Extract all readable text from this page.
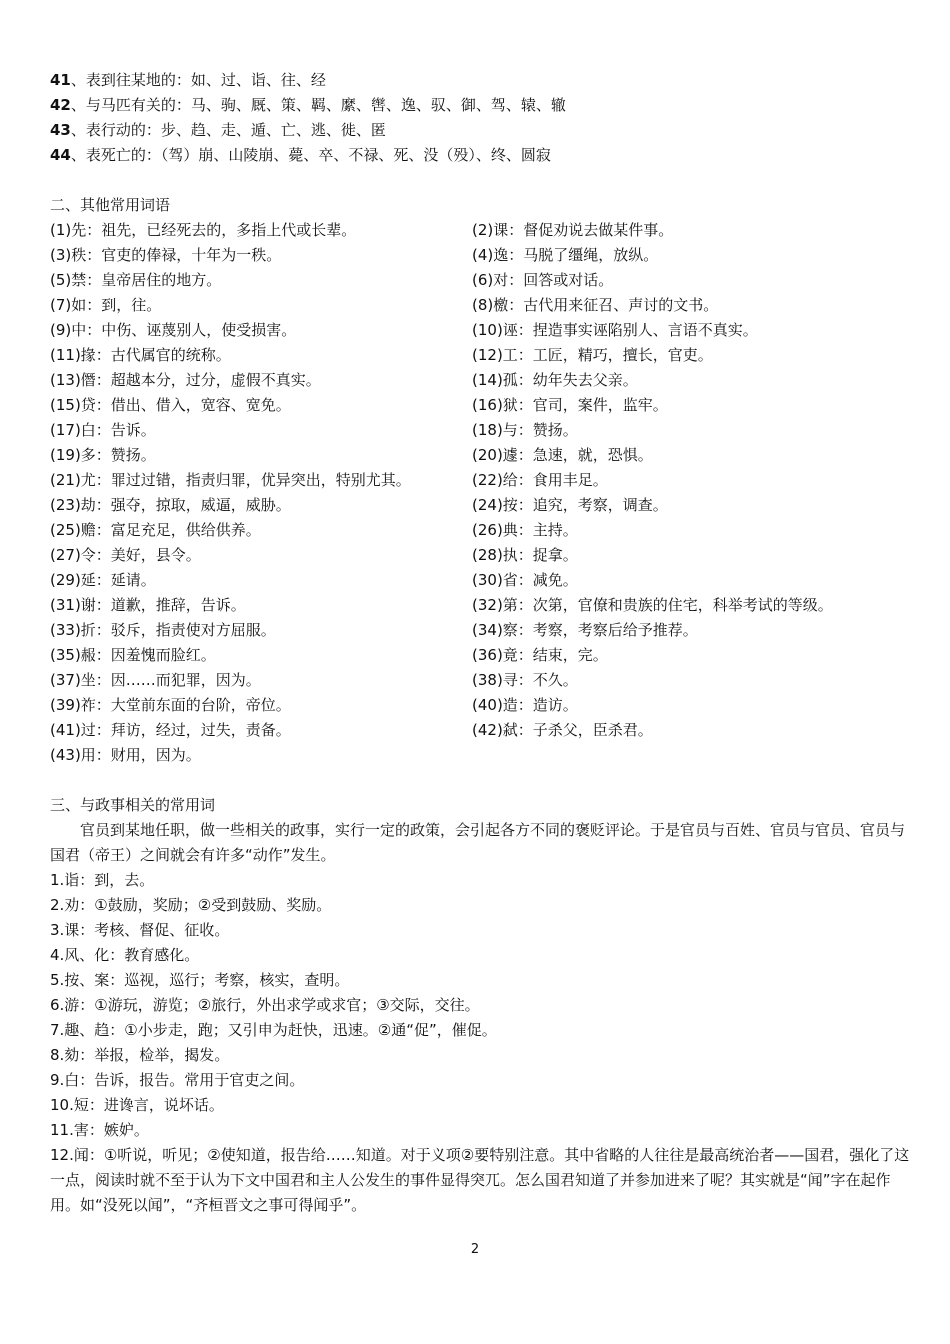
41、表到往某地的：如、过、诣、往、经
42、与马匹有关的：马、驹、厩、策、羁、縻、辔、逸、驭、御、驾、辕、辙
43、表行动的：步、趋、走、遁、亡、逃、徙、匿
44、表死亡的：（驾）崩、山陵崩、薨、卒、不禄、死、没（殁）、终、圆寂
二、其他常用词语
(1)先：祖先，已经死去的，多指上代或长辈。	(2)课：督促劝说去做某件事。
(3)秩：官吏的俸禄，十年为一秩。	(4)逸：马脱了缰绳，放纵。
(5)禁：皇帝居住的地方。	(6)对：回答或对话。
(7)如：到，往。	(8)檄：古代用来征召、声讨的文书。
(9)中：中伤、诬蔑别人，使受损害。	(10)诬：捏造事实诬陷别人、言语不真实。
(11)掾：古代属官的统称。	(12)工：工匠，精巧，擅长，官吏。
(13)僭：超越本分，过分，虚假不真实。	(14)孤：幼年失去父亲。
(15)贷：借出、借入，宽容、宽免。	(16)狱：官司，案件，监牢。
(17)白：告诉。	(18)与：赞扬。
(19)多：赞扬。	(20)遽：急速，就，恐惧。
(21)尤：罪过过错，指责归罪，优异突出，特别尤其。	(22)给：食用丰足。
(23)劫：强夺，掠取，威逼，威胁。	(24)按：追究，考察，调查。
(25)赡：富足充足，供给供养。	(26)典：主持。
(27)令：美好，县令。	(28)执：捉拿。
(29)延：延请。	(30)省：减免。
(31)谢：道歉，推辞，告诉。	(32)第：次第，官僚和贵族的住宅，科举考试的等级。
(33)折：驳斥，指责使对方屈服。	(34)察：考察，考察后给予推荐。
(35)赧：因羞愧而脸红。	(36)竟：结束，完。
(37)坐：因……而犯罪，因为。	(38)寻：不久。
(39)祚：大堂前东面的台阶，帝位。	(40)造：造访。
(41)过：拜访，经过，过失，责备。	(42)弑：子杀父，臣杀君。
(43)用：财用，因为。
三、与政事相关的常用词
官员到某地任职，做一些相关的政事，实行一定的政策，会引起各方不同的褒贬评论。于是官员与百姓、官员与官员、官员与国君（帝王）之间就会有许多“动作”发生。
1.诣：到，去。
2.劝：①鼓励，奖励；②受到鼓励、奖励。
3.课：考核、督促、征收。
4.风、化：教育感化。
5.按、案：巡视，巡行；考察，核实，查明。
6.游：①游玩，游览；②旅行，外出求学或求官；③交际，交往。
7.趣、趋：①小步走，跑；又引申为赶快，迅速。②通“促”，催促。
8.劾：举报，检举，揭发。
9.白：告诉，报告。常用于官吏之间。
10.短：进谗言，说坏话。
11.害：嫉妒。
12.闻：①听说，听见；②使知道，报告给……知道。对于义项②要特别注意。其中省略的人往往是最高统治者——国君，强化了这一点，阅读时就不至于认为下文中国君和主人公发生的事件显得突兀。怎么国君知道了并参加进来了呢？其实就是“闻”字在起作用。如“没死以闻”，“齐桓晋文之事可得闻乎”。
2
